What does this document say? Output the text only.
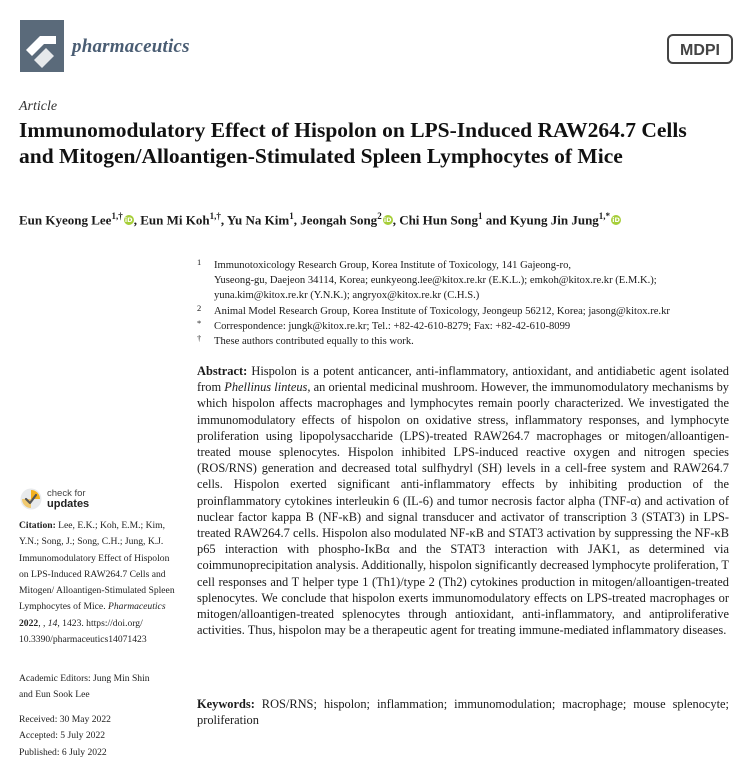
pharmaceutics	MDPI
Article
Immunomodulatory Effect of Hispolon on LPS-Induced RAW264.7 Cells and Mitogen/Alloantigen-Stimulated Spleen Lymphocytes of Mice
Eun Kyeong Lee$^{1,\dagger}$ iD, Eun Mi Koh$^{1,\dagger}$, Yu Na Kim$^1$, Jeongah Song$^2$ iD, Chi Hun Song$^1$ and Kyung Jin Jung$^{1,*}$ iD
1	Immunotoxicology Research Group, Korea Institute of Toxicology, 141 Gajeong-ro,
Yuseong-gu, Daejeon 34114, Korea; eunkyeong.lee@kitox.re.kr (E.K.L.); emkoh@kitox.re.kr (E.M.K.);
yuna.kim@kitox.re.kr (Y.N.K.); angryox@kitox.re.kr (C.H.S.)
2	Animal Model Research Group, Korea Institute of Toxicology, Jeongeup 56212, Korea; jasong@kitox.re.kr
*	Correspondence: jungk@kitox.re.kr; Tel.: +82-42-610-8279; Fax: +82-42-610-8099
†	These authors contributed equally to this work.
Abstract: Hispolon is a potent anticancer, anti-inflammatory, antioxidant, and antidiabetic agent isolated from Phellinus linteus, an oriental medicinal mushroom. However, the immunomodulatory mechanisms by which hispolon affects macrophages and lymphocytes remain poorly characterized. We investigated the immunomodulatory effects of hispolon on oxidative stress, inflammatory responses, and lymphocyte proliferation using lipopolysaccharide (LPS)-treated RAW264.7 macrophages or mitogen/alloantigen-treated mouse splenocytes. Hispolon inhibited LPS-induced reactive oxygen and nitrogen species (ROS/RNS) generation and decreased total sulfhydryl (SH) levels in a cell-free system and RAW264.7 cells. Hispolon exerted significant anti-inflammatory effects by inhibiting production of the proinflammatory cytokines interleukin 6 (IL-6) and tumor necrosis factor alpha (TNF-α) and activation of nuclear factor kappa B (NF-κB) and signal transducer and activator of transcription 3 (STAT3) in LPS-treated RAW264.7 cells. Hispolon also modulated NF-κB and STAT3 activation by suppressing the NF-κB p65 interaction with phospho-IκBα and the STAT3 interaction with JAK1, as determined via coimmunoprecipitation analysis. Additionally, hispolon significantly decreased lymphocyte proliferation, T cell responses and T helper type 1 (Th1)/type 2 (Th2) cytokines production in mitogen/alloantigen-treated splenocytes. We conclude that hispolon exerts immunomodulatory effects on LPS-treated macrophages or mitogen/alloantigen-treated splenocytes through antioxidant, anti-inflammatory, and antiproliferative activities. Thus, hispolon may be a therapeutic agent for treating immune-mediated inflammatory diseases.
Keywords: ROS/RNS; hispolon; inflammation; immunomodulation; macrophage; mouse splenocyte; proliferation
check for
updates
Citation: Lee, E.K.; Koh, E.M.; Kim, Y.N.; Song, J.; Song, C.H.; Jung, K.J. Immunomodulatory Effect of Hispolon on LPS-Induced RAW264.7 Cells and Mitogen/ Alloantigen-Stimulated Spleen Lymphocytes of Mice. Pharmaceutics 2022, , 14, 1423. https://doi.org/ 10.3390/pharmaceutics14071423
Academic Editors: Jung Min Shin
and Eun Sook Lee
Received: 30 May 2022
Accepted: 5 July 2022
Published: 6 July 2022
